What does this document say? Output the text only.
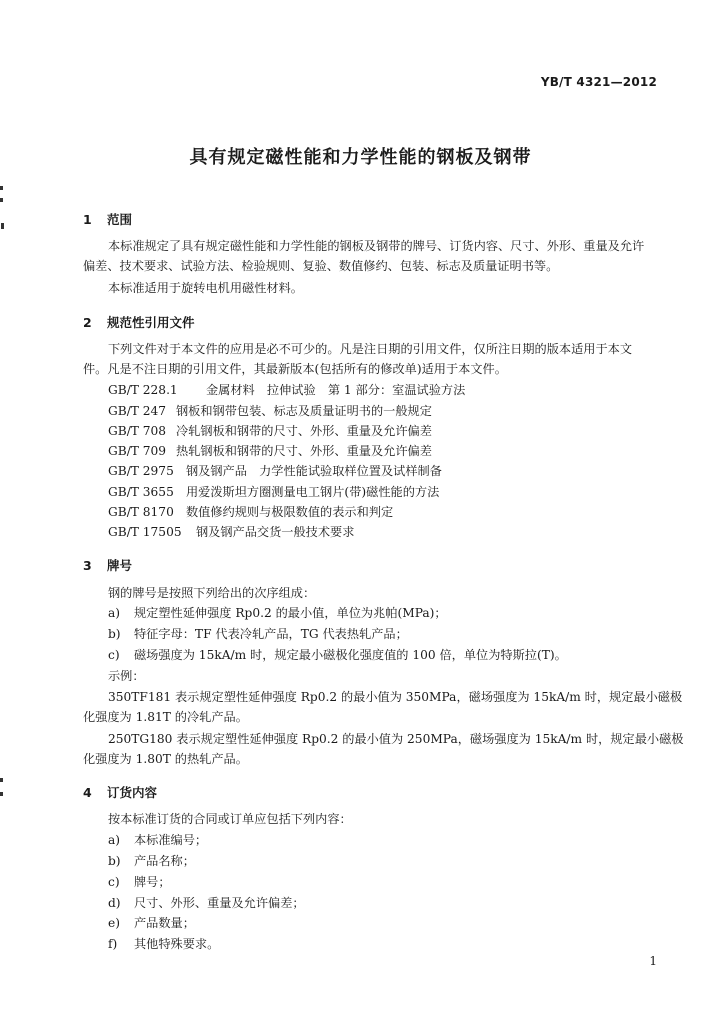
YB/T 4321—2012
具有规定磁性能和力学性能的钢板及钢带
1 范围
本标准规定了具有规定磁性能和力学性能的钢板及钢带的牌号、订货内容、尺寸、外形、重量及允许
偏差、技术要求、试验方法、检验规则、复验、数值修约、包装、标志及质量证明书等。
本标准适用于旋转电机用磁性材料。
2 规范性引用文件
下列文件对于本文件的应用是必不可少的。凡是注日期的引用文件，仅所注日期的版本适用于本文
件。凡是不注日期的引用文件，其最新版本(包括所有的修改单)适用于本文件。
GB/T 228.1 金属材料　拉伸试验　第 1 部分：室温试验方法
GB/T 247 钢板和钢带包装、标志及质量证明书的一般规定
GB/T 708 冷轧钢板和钢带的尺寸、外形、重量及允许偏差
GB/T 709 热轧钢板和钢带的尺寸、外形、重量及允许偏差
GB/T 2975 钢及钢产品　力学性能试验取样位置及试样制备
GB/T 3655 用爱泼斯坦方圈测量电工钢片(带)磁性能的方法
GB/T 8170 数值修约规则与极限数值的表示和判定
GB/T 17505 钢及钢产品交货一般技术要求
3 牌号
钢的牌号是按照下列给出的次序组成：
a) 规定塑性延伸强度 Rp0.2 的最小值，单位为兆帕(MPa)；
b) 特征字母：TF 代表冷轧产品，TG 代表热轧产品；
c) 磁场强度为 15kA/m 时，规定最小磁极化强度值的 100 倍，单位为特斯拉(T)。
示例：
350TF181 表示规定塑性延伸强度 Rp0.2 的最小值为 350MPa，磁场强度为 15kA/m 时，规定最小磁极
化强度为 1.81T 的冷轧产品。
250TG180 表示规定塑性延伸强度 Rp0.2 的最小值为 250MPa，磁场强度为 15kA/m 时，规定最小磁极
化强度为 1.80T 的热轧产品。
4 订货内容
按本标准订货的合同或订单应包括下列内容：
a) 本标准编号；
b) 产品名称；
c) 牌号；
d) 尺寸、外形、重量及允许偏差；
e) 产品数量；
f) 其他特殊要求。
1
